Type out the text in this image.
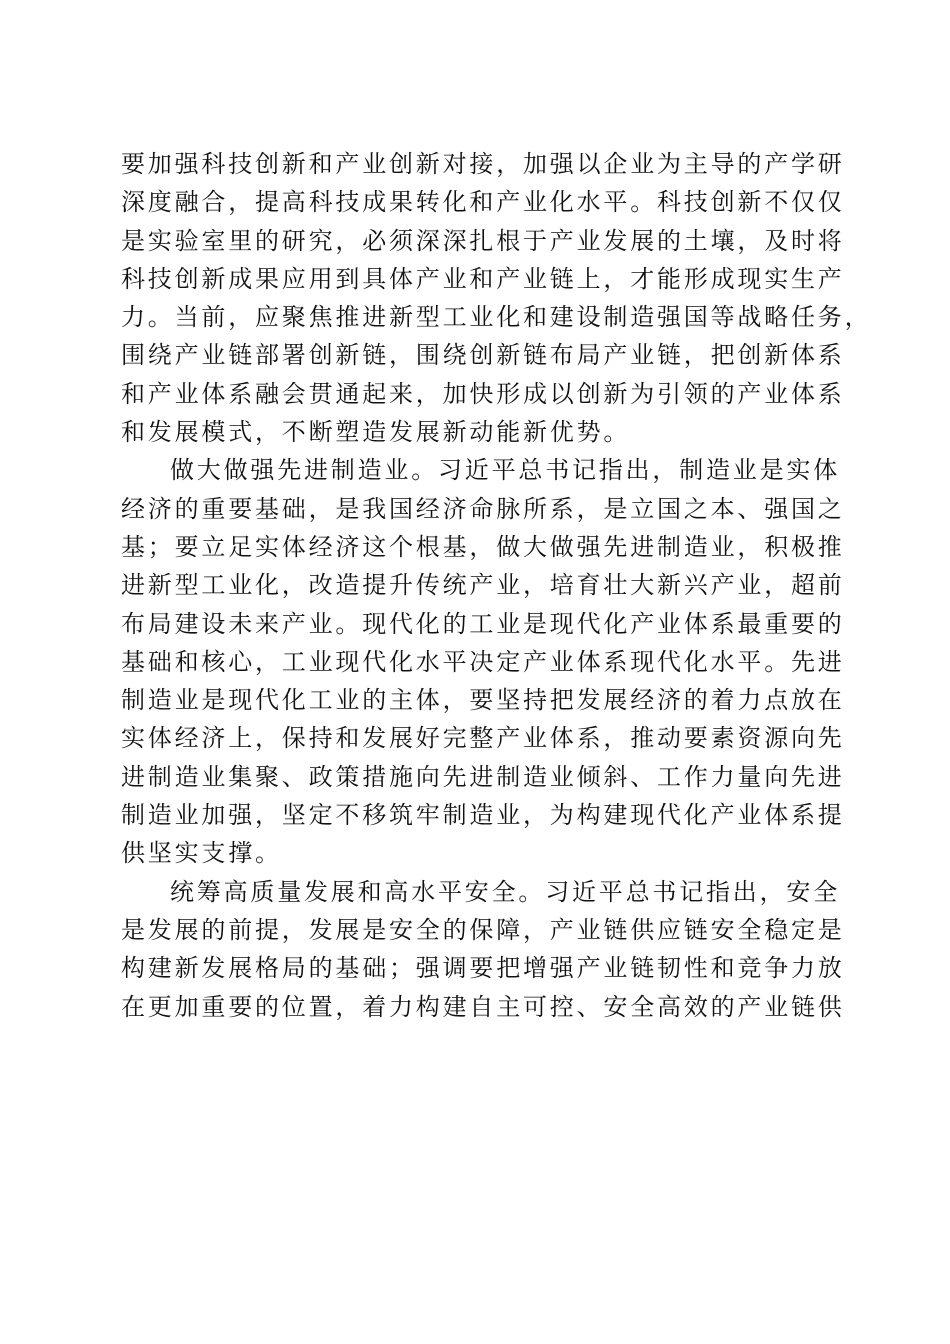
要加强科技创新和产业创新对接，加强以企业为主导的产学研
深度融合，提高科技成果转化和产业化水平。科技创新不仅仅
是实验室里的研究，必须深深扎根于产业发展的土壤，及时将
科技创新成果应用到具体产业和产业链上，才能形成现实生产
力。当前，应聚焦推进新型工业化和建设制造强国等战略任务，
围绕产业链部署创新链，围绕创新链布局产业链，把创新体系
和产业体系融会贯通起来，加快形成以创新为引领的产业体系
和发展模式，不断塑造发展新动能新优势。

做大做强先进制造业。习近平总书记指出，制造业是实体
经济的重要基础，是我国经济命脉所系，是立国之本、强国之
基；要立足实体经济这个根基，做大做强先进制造业，积极推
进新型工业化，改造提升传统产业，培育壮大新兴产业，超前
布局建设未来产业。现代化的工业是现代化产业体系最重要的
基础和核心，工业现代化水平决定产业体系现代化水平。先进
制造业是现代化工业的主体，要坚持把发展经济的着力点放在
实体经济上，保持和发展好完整产业体系，推动要素资源向先
进制造业集聚、政策措施向先进制造业倾斜、工作力量向先进
制造业加强，坚定不移筑牢制造业，为构建现代化产业体系提
供坚实支撑。

统筹高质量发展和高水平安全。习近平总书记指出，安全
是发展的前提，发展是安全的保障，产业链供应链安全稳定是
构建新发展格局的基础；强调要把增强产业链韧性和竞争力放
在更加重要的位置，着力构建自主可控、安全高效的产业链供
